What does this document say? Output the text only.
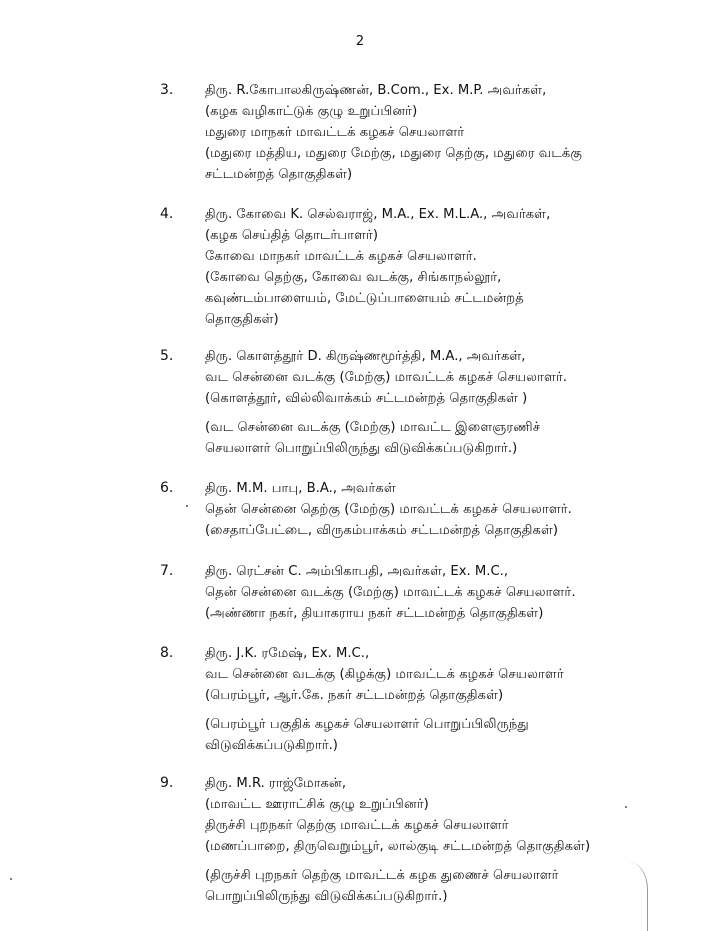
2
3. திரு. R.கோபாலகிருஷ்ணன், B.Com., Ex. M.P. அவர்கள்,
(கழக வழிகாட்டுக் குழு உறுப்பினர்)
மதுரை மாநகர் மாவட்டக் கழகச் செயலாளர்
(மதுரை மத்திய, மதுரை மேற்கு, மதுரை தெற்கு, மதுரை வடக்கு
சட்டமன்றத் தொகுதிகள்)
4. திரு. கோவை K. செல்வராஜ், M.A., Ex. M.L.A., அவர்கள்,
(கழக செய்தித் தொடர்பாளர்)
கோவை மாநகர் மாவட்டக் கழகச் செயலாளர்.
(கோவை தெற்கு, கோவை வடக்கு, சிங்காநல்லூர்,
கவுண்டம்பாளையம், மேட்டுப்பாளையம் சட்டமன்றத்
தொகுதிகள்)
5. திரு. கொளத்தூர் D. கிருஷ்ணமூர்த்தி, M.A., அவர்கள்,
வட சென்னை வடக்கு (மேற்கு) மாவட்டக் கழகச் செயலாளர்.
(கொளத்தூர், வில்லிவாக்கம் சட்டமன்றத் தொகுதிகள் )
(வட சென்னை வடக்கு (மேற்கு) மாவட்ட இளைஞரணிச்
செயலாளர் பொறுப்பிலிருந்து விடுவிக்கப்படுகிறார்.)
6. திரு. M.M. பாபு, B.A., அவர்கள்
தென் சென்னை தெற்கு (மேற்கு) மாவட்டக் கழகச் செயலாளர்.
(சைதாப்பேட்டை, விருகம்பாக்கம் சட்டமன்றத் தொகுதிகள்)
7. திரு. ரெட்சன் C. அம்பிகாபதி, அவர்கள், Ex. M.C.,
தென் சென்னை வடக்கு (மேற்கு) மாவட்டக் கழகச் செயலாளர்.
(அண்ணா நகர், தியாகராய நகர் சட்டமன்றத் தொகுதிகள்)
8. திரு. J.K. ரமேஷ், Ex. M.C.,
வட சென்னை வடக்கு (கிழக்கு) மாவட்டக் கழகச் செயலாளர்
(பெரம்பூர், ஆர்.கே. நகர் சட்டமன்றத் தொகுதிகள்)
(பெரம்பூர் பகுதிக் கழகச் செயலாளர் பொறுப்பிலிருந்து
விடுவிக்கப்படுகிறார்.)
9. திரு. M.R. ராஜ்மோகன்,
(மாவட்ட ஊராட்சிக் குழு உறுப்பினர்)
திருச்சி புறநகர் தெற்கு மாவட்டக் கழகச் செயலாளர்
(மணப்பாறை, திருவெறும்பூர், லால்குடி சட்டமன்றத் தொகுதிகள்)
(திருச்சி புறநகர் தெற்கு மாவட்டக் கழக துணைச் செயலாளர்
பொறுப்பிலிருந்து விடுவிக்கப்படுகிறார்.)
